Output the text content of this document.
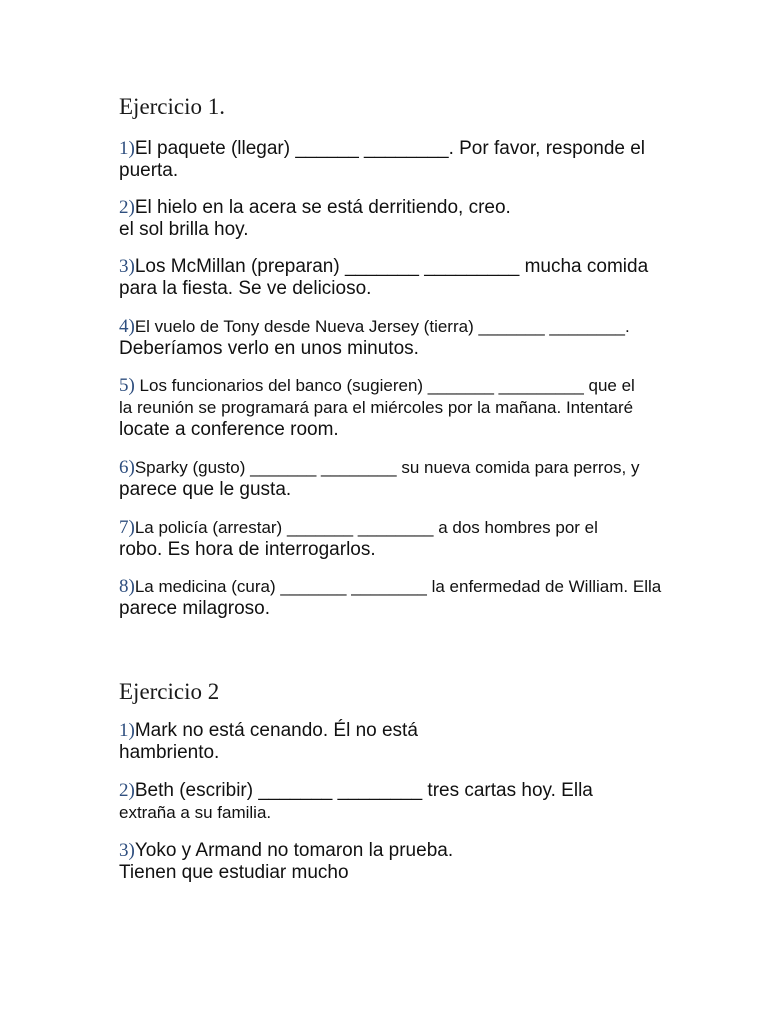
Ejercicio 1.
1)El paquete (llegar) ______ ________. Por favor, responde el
puerta.
2)El hielo en la acera se está derritiendo, creo.
el sol brilla hoy.
3)Los McMillan (preparan) _______ _________ mucha comida
para la fiesta. Se ve delicioso.
4)El vuelo de Tony desde Nueva Jersey (tierra) _______ ________.
Deberíamos verlo en unos minutos.
5) Los funcionarios del banco (sugieren) _______ _________ que el
la reunión se programará para el miércoles por la mañana. Intentaré
locate a conference room.
6)Sparky (gusto) _______ ________ su nueva comida para perros, y
parece que le gusta.
7)La policía (arrestar) _______ ________ a dos hombres por el
robo. Es hora de interrogarlos.
8)La medicina (cura) _______ ________ la enfermedad de William. Ella
parece milagroso.
Ejercicio 2
1)Mark no está cenando. Él no está
hambriento.
2)Beth (escribir) _______ ________ tres cartas hoy. Ella
extraña a su familia.
3)Yoko y Armand no tomaron la prueba.
Tienen que estudiar mucho
